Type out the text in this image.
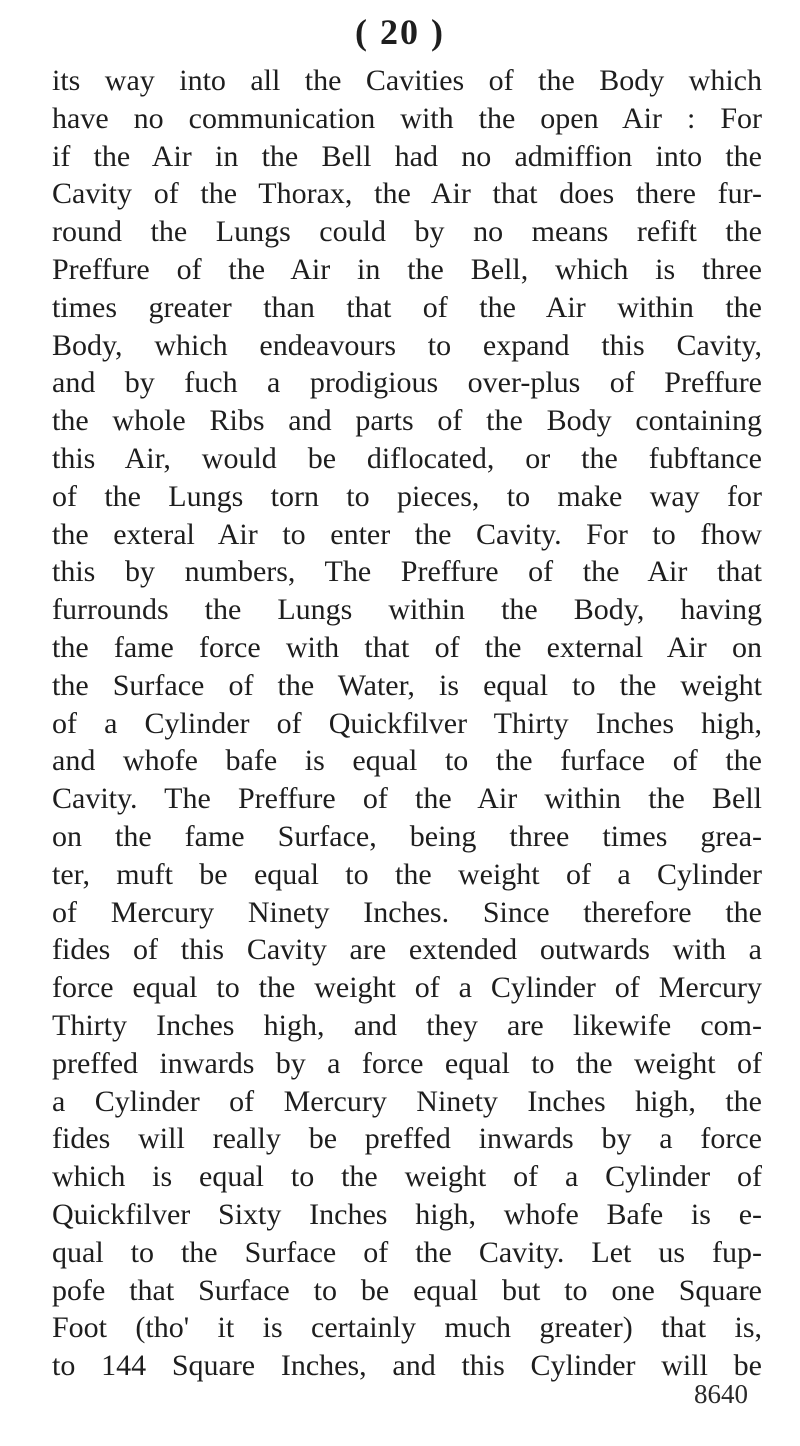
( 20 )
its way into all the Cavities of the Body which
have no communication with the open Air : For
if the Air in the Bell had no admiffion into the
Cavity of the Thorax, the Air that does there fur-
round the Lungs could by no means refift the
Preffure of the Air in the Bell, which is three
times greater than that of the Air within the
Body, which endeavours to expand this Cavity,
and by fuch a prodigious over-plus of Preffure
the whole Ribs and parts of the Body containing
this Air, would be diflocated, or the fubftance
of the Lungs torn to pieces, to make way for
the exteral Air to enter the Cavity. For to fhow
this by numbers, The Preffure of the Air that
furrounds the Lungs within the Body, having
the fame force with that of the external Air on
the Surface of the Water, is equal to the weight
of a Cylinder of Quickfilver Thirty Inches high,
and whofe bafe is equal to the furface of the
Cavity. The Preffure of the Air within the Bell
on the fame Surface, being three times grea-
ter, muft be equal to the weight of a Cylinder
of Mercury Ninety Inches. Since therefore the
fides of this Cavity are extended outwards with a
force equal to the weight of a Cylinder of Mercury
Thirty Inches high, and they are likewife com-
preffed inwards by a force equal to the weight of
a Cylinder of Mercury Ninety Inches high, the
fides will really be preffed inwards by a force
which is equal to the weight of a Cylinder of
Quickfilver Sixty Inches high, whofe Bafe is e-
qual to the Surface of the Cavity. Let us fup-
pofe that Surface to be equal but to one Square
Foot (tho' it is certainly much greater) that is,
to 144 Square Inches, and this Cylinder will be
8640
